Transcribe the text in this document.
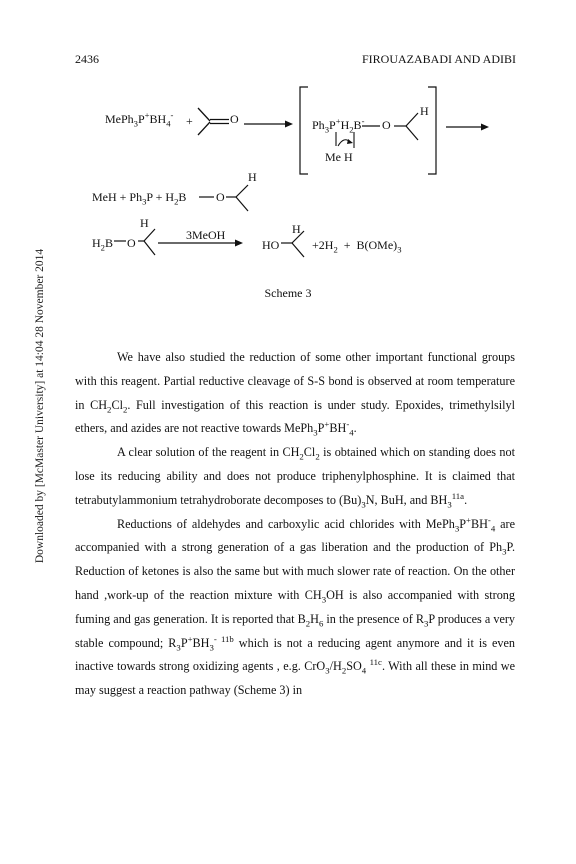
2436	FIROUAZABADI AND ADIBI
Downloaded by [McMaster University] at 14:04 28 November 2014
$MePh_3P^+BH_4^-$ +	$O \to Ph_3P^+H_2B^-$ O
H
Me H
MeH + $Ph_3P + H_2B$ O
H
$H_2B$ O
H
3MeOH
HO
H
$+2H_2 + B(OMe)_3$
Scheme 3

We have also studied the reduction of some other important functional groups with this reagent. Partial reductive cleavage of S-S bond is observed at room temperature in $CH_2Cl_2$. Full investigation of this reaction is under study. Epoxides, trimethylsilyl ethers, and azides are not reactive towards $MePh_3P^+BH^-_4$.

A clear solution of the reagent in $CH_2Cl_2$ is obtained which on standing does not lose its reducing ability and does not produce triphenylphosphine. It is claimed that tetrabutylammonium tetrahydroborate decomposes to $(Bu)_3N$, BuH, and $BH_3^{11a}$.

Reductions of aldehydes and carboxylic acid chlorides with $MePh_3P^+BH^-_4$ are accompanied with a strong generation of a gas liberation and the production of $Ph_3P$. Reduction of ketones is also the same but with much slower rate of reaction. On the other hand ,work-up of the reaction mixture with $CH_3OH$ is also accompanied with strong fuming and gas generation. It is reported that $B_2H_6$ in the presence of $R_3P$ produces a very stable compound; $R_3P^+BH_3^{- 11b}$ which is not a reducing agent anymore and it is even inactive towards strong oxidizing agents , e.g. $CrO_3/H_2SO_4$ $^{11c}$. With all these in mind we may suggest a reaction pathway (Scheme 3) in
